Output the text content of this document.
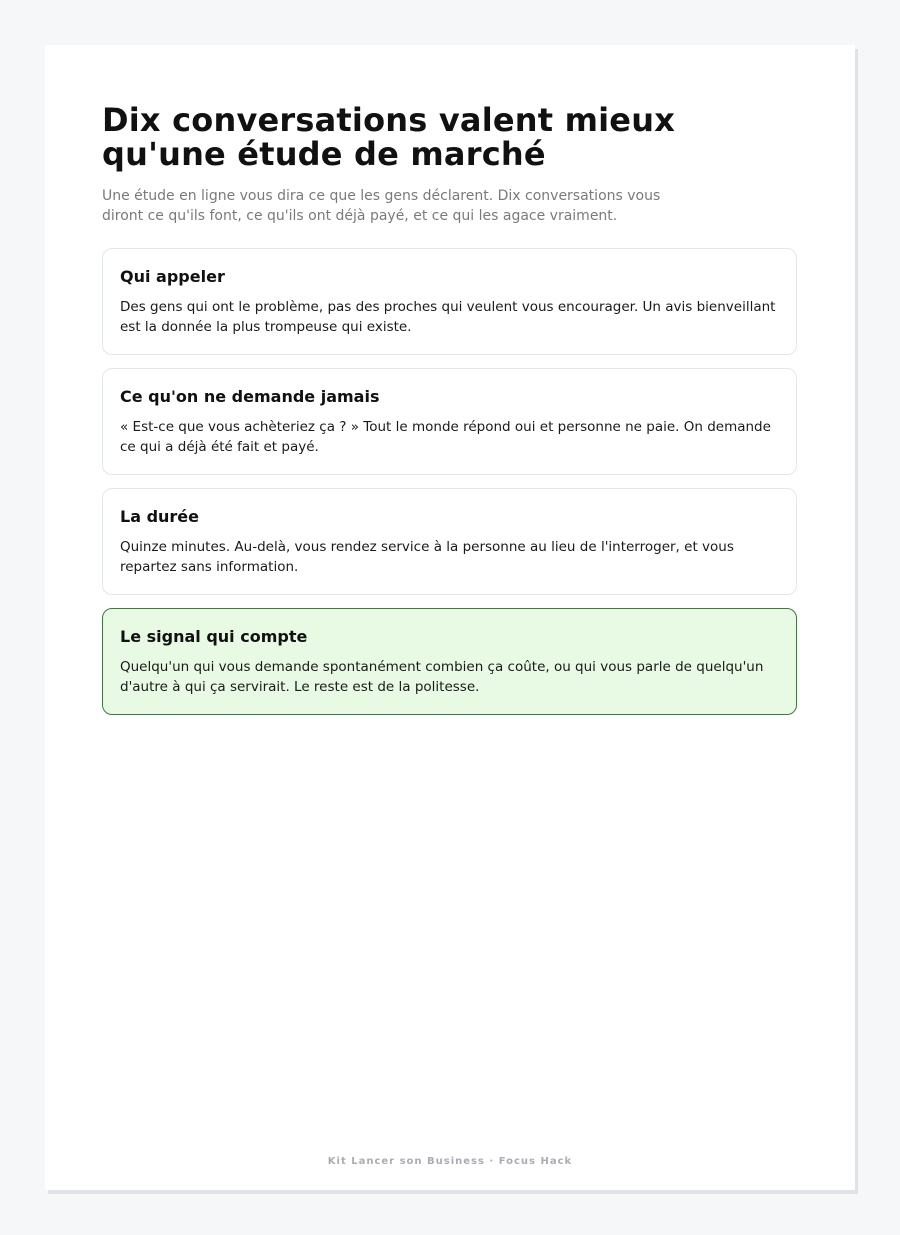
Dix conversations valent mieux qu'une étude de marché

Une étude en ligne vous dira ce que les gens déclarent. Dix conversations vous diront ce qu'ils font, ce qu'ils ont déjà payé, et ce qui les agace vraiment.

Qui appeler

Des gens qui ont le problème, pas des proches qui veulent vous encourager. Un avis bienveillant est la donnée la plus trompeuse qui existe.

Ce qu'on ne demande jamais

« Est-ce que vous achèteriez ça ? » Tout le monde répond oui et personne ne paie. On demande ce qui a déjà été fait et payé.

La durée

Quinze minutes. Au-delà, vous rendez service à la personne au lieu de l'interroger, et vous repartez sans information.

Le signal qui compte

Quelqu'un qui vous demande spontanément combien ça coûte, ou qui vous parle de quelqu'un d'autre à qui ça servirait. Le reste est de la politesse.

Kit Lancer son Business · Focus Hack
